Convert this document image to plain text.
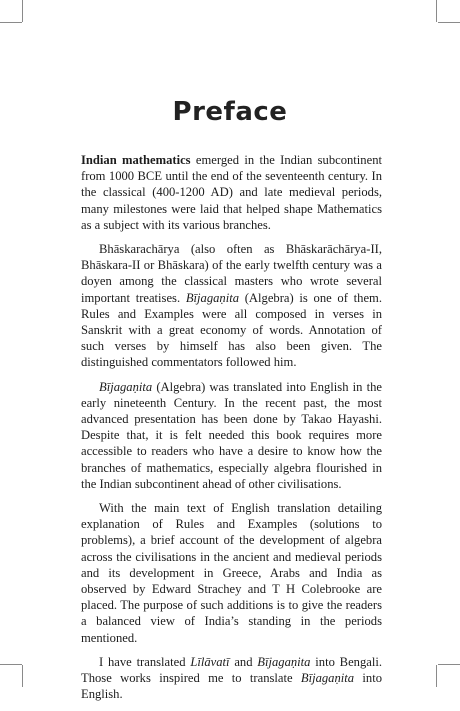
Preface

Indian mathematics emerged in the Indian subcontinent from 1000 BCE until the end of the seventeenth century. In the classical (400-1200 AD) and late medieval periods, many milestones were laid that helped shape Mathematics as a subject with its various branches.

Bhāskarachārya (also often as Bhāskarāchārya-II, Bhāskara-II or Bhāskara) of the early twelfth century was a doyen among the classical masters who wrote several important treatises. Bījagaṇita (Algebra) is one of them. Rules and Examples were all composed in verses in Sanskrit with a great economy of words. Annotation of such verses by himself has also been given. The distinguished commentators followed him.

Bījagaṇita (Algebra) was translated into English in the early nineteenth Century. In the recent past, the most advanced presentation has been done by Takao Hayashi. Despite that, it is felt needed this book requires more accessible to readers who have a desire to know how the branches of mathematics, especially algebra flourished in the Indian subcontinent ahead of other civilisations.

With the main text of English translation detailing explanation of Rules and Examples (solutions to problems), a brief account of the development of algebra across the civilisations in the ancient and medieval periods and its development in Greece, Arabs and India as observed by Edward Strachey and T H Colebrooke are placed. The purpose of such additions is to give the readers a balanced view of India’s standing in the periods mentioned.

I have translated Līlāvatī and Bījagaṇita into Bengali. Those works inspired me to translate Bījagaṇita into English.
